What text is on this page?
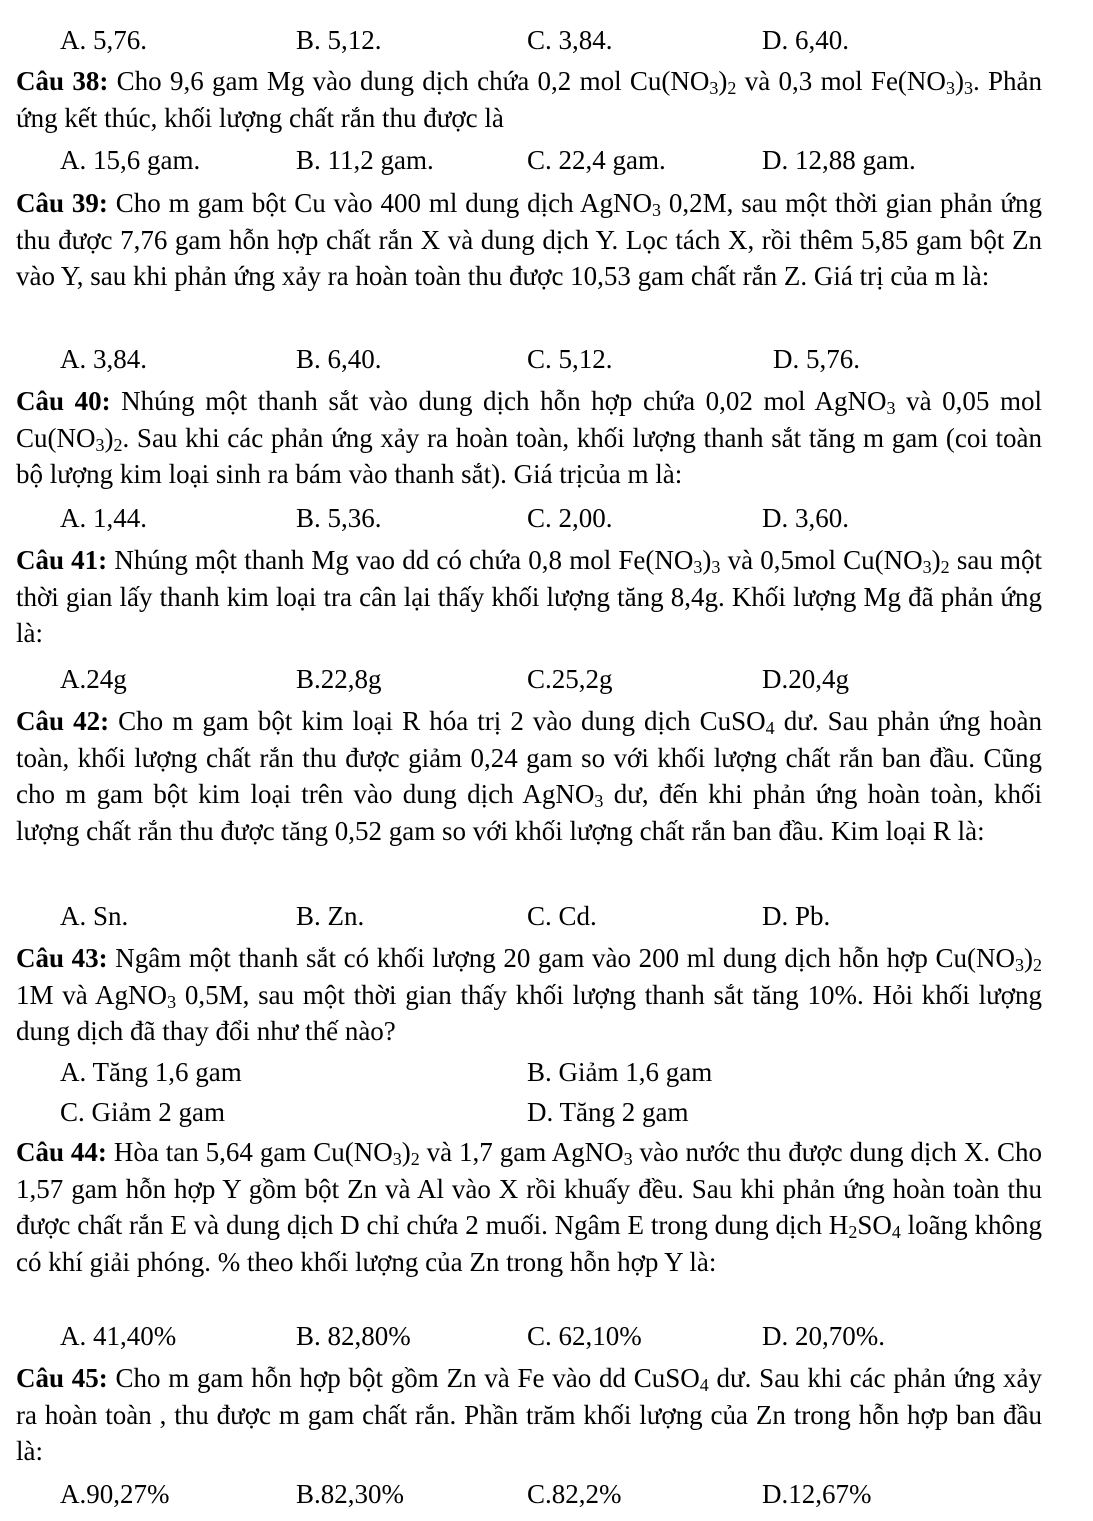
A. 5,76.	B. 5,12.	C. 3,84.	D. 6,40.
Câu 38: Cho 9,6 gam Mg vào dung dịch chứa 0,2 mol $Cu(NO_3)_2$ và 0,3 mol $Fe(NO_3)_3$. Phản ứng kết thúc, khối lượng chất rắn thu được là
A. 15,6 gam.	B. 11,2 gam.	C. 22,4 gam.	D. 12,88 gam.
Câu 39: Cho m gam bột Cu vào 400 ml dung dịch AgNO$_3$ 0,2M, sau một thời gian phản ứng thu được 7,76 gam hỗn hợp chất rắn X và dung dịch Y. Lọc tách X, rồi thêm 5,85 gam bột Zn vào Y, sau khi phản ứng xảy ra hoàn toàn thu được 10,53 gam chất rắn Z. Giá trị của m là:
A. 3,84.	B. 6,40.	C. 5,12.	D. 5,76.
Câu 40: Nhúng một thanh sắt vào dung dịch hỗn hợp chứa 0,02 mol AgNO$_3$ và 0,05 mol $Cu(NO_3)_2$. Sau khi các phản ứng xảy ra hoàn toàn, khối lượng thanh sắt tăng m gam (coi toàn bộ lượng kim loại sinh ra bám vào thanh sắt). Giá trịcủa m là:
A. 1,44.	B. 5,36.	C. 2,00.	D. 3,60.
Câu 41: Nhúng một thanh Mg vao dd có chứa 0,8 mol $Fe(NO_3)_3$ và 0,5mol $Cu(NO_3)_2$ sau một thời gian lấy thanh kim loại tra cân lại thấy khối lượng tăng 8,4g. Khối lượng Mg đã phản ứng là:
A.24g	B.22,8g	C.25,2g	D.20,4g
Câu 42: Cho m gam bột kim loại R hóa trị 2 vào dung dịch CuSO$_4$ dư. Sau phản ứng hoàn toàn, khối lượng chất rắn thu được giảm 0,24 gam so với khối lượng chất rắn ban đầu. Cũng cho m gam bột kim loại trên vào dung dịch AgNO$_3$ dư, đến khi phản ứng hoàn toàn, khối lượng chất rắn thu được tăng 0,52 gam so với khối lượng chất rắn ban đầu. Kim loại R là:
A. Sn.	B. Zn.	C. Cd.	D. Pb.
Câu 43: Ngâm một thanh sắt có khối lượng 20 gam vào 200 ml dung dịch hỗn hợp $Cu(NO_3)_2$ 1M và AgNO$_3$ 0,5M, sau một thời gian thấy khối lượng thanh sắt tăng 10%. Hỏi khối lượng dung dịch đã thay đổi như thế nào?
A. Tăng 1,6 gam	B. Giảm 1,6 gam
C. Giảm 2 gam	D. Tăng 2 gam
Câu 44: Hòa tan 5,64 gam $Cu(NO_3)_2$ và 1,7 gam AgNO$_3$ vào nước thu được dung dịch X. Cho 1,57 gam hỗn hợp Y gồm bột Zn và Al vào X rồi khuấy đều. Sau khi phản ứng hoàn toàn thu được chất rắn E và dung dịch D chỉ chứa 2 muối. Ngâm E trong dung dịch $H_2SO_4$ loãng không có khí giải phóng. % theo khối lượng của Zn trong hỗn hợp Y là:
A. 41,40%	B. 82,80%	C. 62,10%	D. 20,70%.
Câu 45: Cho m gam hỗn hợp bột gồm Zn và Fe vào dd CuSO$_4$ dư. Sau khi các phản ứng xảy ra hoàn toàn , thu được m gam chất rắn. Phần trăm khối lượng của Zn trong hỗn hợp ban đầu là:
A.90,27%	B.82,30%	C.82,2%	D.12,67%
